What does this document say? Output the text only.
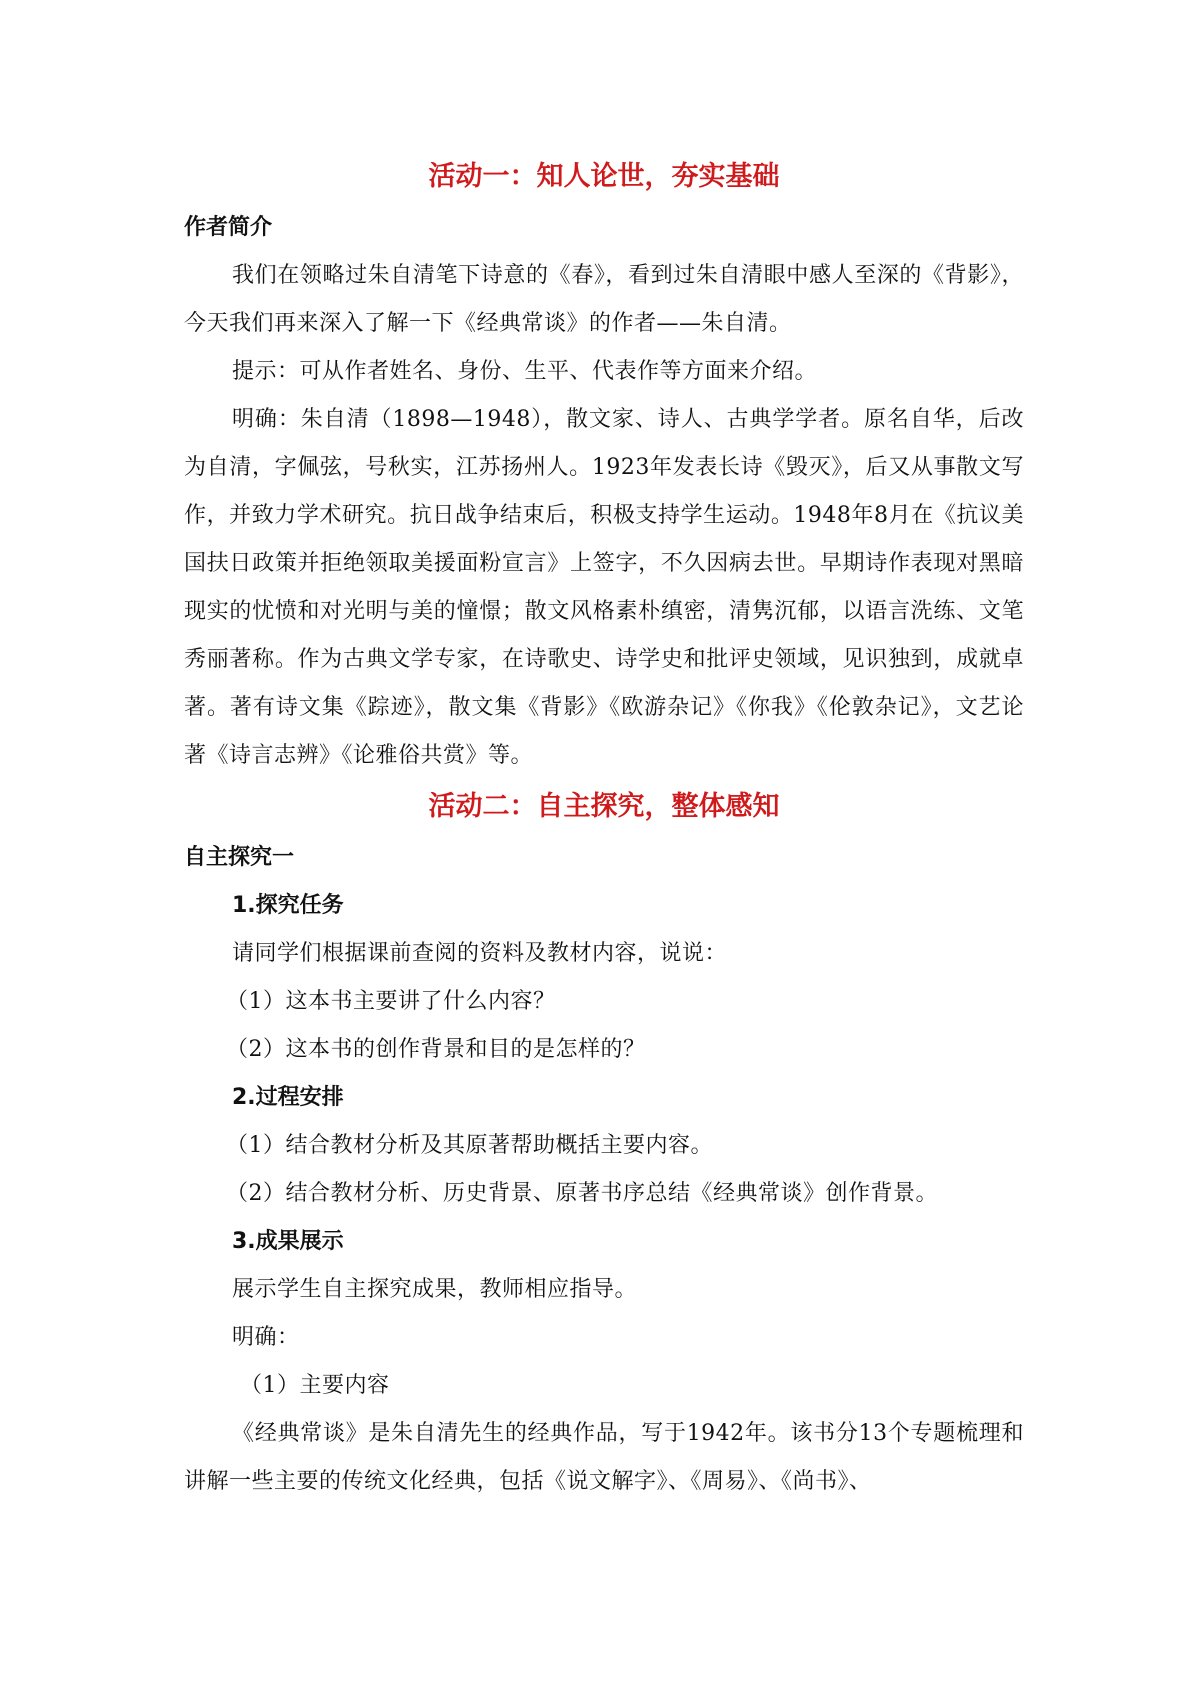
活动一：知人论世，夯实基础
作者简介

我们在领略过朱自清笔下诗意的《春》，看到过朱自清眼中感人至深的《背影》，今天我们再来深入了解一下《经典常谈》的作者——朱自清。

提示：可从作者姓名、身份、生平、代表作等方面来介绍。

明确：朱自清（1898—1948），散文家、诗人、古典学学者。原名自华，后改为自清，字佩弦，号秋实，江苏扬州人。1923年发表长诗《毁灭》，后又从事散文写作，并致力学术研究。抗日战争结束后，积极支持学生运动。1948年8月在《抗议美国扶日政策并拒绝领取美援面粉宣言》上签字，不久因病去世。早期诗作表现对黑暗现实的忧愤和对光明与美的憧憬；散文风格素朴缜密，清隽沉郁，以语言洗练、文笔秀丽著称。作为古典文学专家，在诗歌史、诗学史和批评史领域，见识独到，成就卓著。著有诗文集《踪迹》，散文集《背影》《欧游杂记》《你我》《伦敦杂记》，文艺论著《诗言志辨》《论雅俗共赏》等。

活动二：自主探究，整体感知
自主探究一
1.探究任务

请同学们根据课前查阅的资料及教材内容，说说：

（1）这本书主要讲了什么内容？

（2）这本书的创作背景和目的是怎样的？

2.过程安排

（1）结合教材分析及其原著帮助概括主要内容。

（2）结合教材分析、历史背景、原著书序总结《经典常谈》创作背景。

3.成果展示

展示学生自主探究成果，教师相应指导。

明确：

（1）主要内容

《经典常谈》是朱自清先生的经典作品，写于1942年。该书分13个专题梳理和讲解一些主要的传统文化经典，包括《说文解字》、《周易》、《尚书》、
